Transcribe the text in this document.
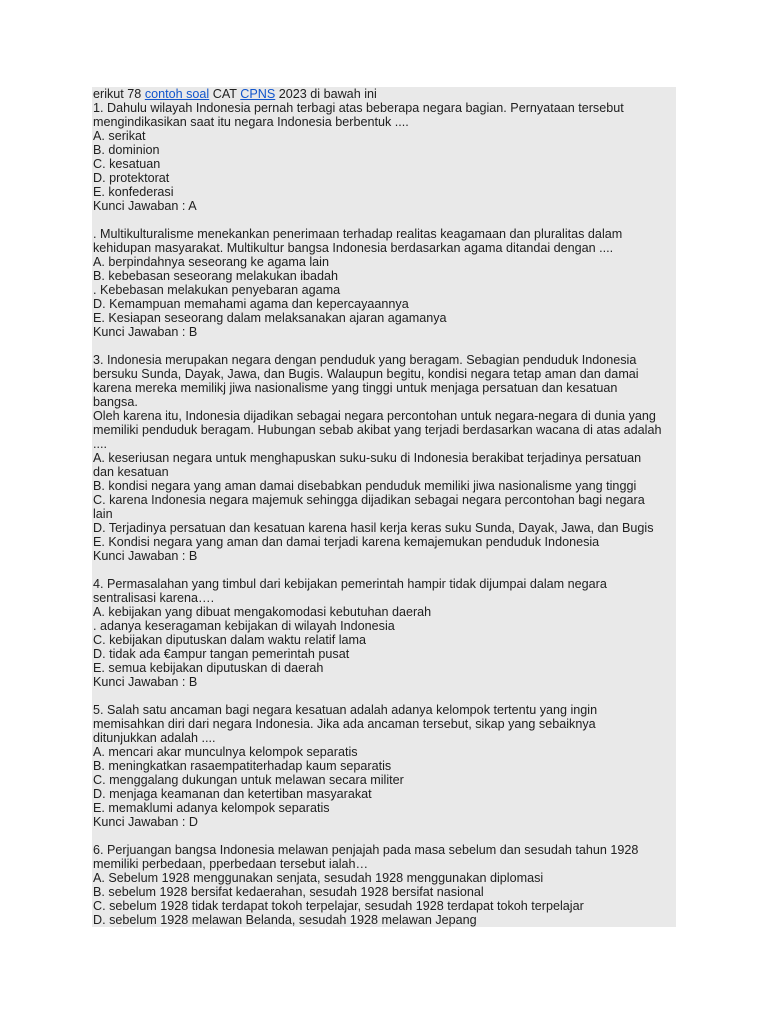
erikut 78 contoh soal CAT CPNS 2023 di bawah ini
1. Dahulu wilayah Indonesia pernah terbagi atas beberapa negara bagian. Pernyataan tersebut
mengindikasikan saat itu negara Indonesia berbentuk ....
A. serikat
B. dominion
C. kesatuan
D. protektorat
E. konfederasi
Kunci Jawaban : A
. Multikulturalisme menekankan penerimaan terhadap realitas keagamaan dan pluralitas dalam
kehidupan masyarakat. Multikultur bangsa Indonesia berdasarkan agama ditandai dengan ....
A. berpindahnya seseorang ke agama lain
B. kebebasan seseorang melakukan ibadah
. Kebebasan melakukan penyebaran agama
D. Kemampuan memahami agama dan kepercayaannya
E. Kesiapan seseorang dalam melaksanakan ajaran agamanya
Kunci Jawaban : B
3. Indonesia merupakan negara dengan penduduk yang beragam. Sebagian penduduk Indonesia
bersuku Sunda, Dayak, Jawa, dan Bugis. Walaupun begitu, kondisi negara tetap aman dan damai
karena mereka memilikj jiwa nasionalisme yang tinggi untuk menjaga persatuan dan kesatuan
bangsa.
Oleh karena itu, Indonesia dijadikan sebagai negara percontohan untuk negara-negara di dunia yang
memiliki penduduk beragam. Hubungan sebab akibat yang terjadi berdasarkan wacana di atas adalah
....
A. keseriusan negara untuk menghapuskan suku-suku di Indonesia berakibat terjadinya persatuan
dan kesatuan
B. kondisi negara yang aman damai disebabkan penduduk memiliki jiwa nasionalisme yang tinggi
C. karena Indonesia negara majemuk sehingga dijadikan sebagai negara percontohan bagi negara
lain
D. Terjadinya persatuan dan kesatuan karena hasil kerja keras suku Sunda, Dayak, Jawa, dan Bugis
E. Kondisi negara yang aman dan damai terjadi karena kemajemukan penduduk Indonesia
Kunci Jawaban : B
4. Permasalahan yang timbul dari kebijakan pemerintah hampir tidak dijumpai dalam negara
sentralisasi karena….
A. kebijakan yang dibuat mengakomodasi kebutuhan daerah
. adanya keseragaman kebijakan di wilayah Indonesia
C. kebijakan diputuskan dalam waktu relatif lama
D. tidak ada €ampur tangan pemerintah pusat
E. semua kebijakan diputuskan di daerah
Kunci Jawaban : B
5. Salah satu ancaman bagi negara kesatuan adalah adanya kelompok tertentu yang ingin
memisahkan diri dari negara Indonesia. Jika ada ancaman tersebut, sikap yang sebaiknya
ditunjukkan adalah ....
A. mencari akar munculnya kelompok separatis
B. meningkatkan rasaempatiterhadap kaum separatis
C. menggalang dukungan untuk melawan secara militer
D. menjaga keamanan dan ketertiban masyarakat
E. memaklumi adanya kelompok separatis
Kunci Jawaban : D
6. Perjuangan bangsa Indonesia melawan penjajah pada masa sebelum dan sesudah tahun 1928
memiliki perbedaan, pperbedaan tersebut ialah…
A. Sebelum 1928 menggunakan senjata, sesudah 1928 menggunakan diplomasi
B. sebelum 1928 bersifat kedaerahan, sesudah 1928 bersifat nasional
C. sebelum 1928 tidak terdapat tokoh terpelajar, sesudah 1928 terdapat tokoh terpelajar
D. sebelum 1928 melawan Belanda, sesudah 1928 melawan Jepang
